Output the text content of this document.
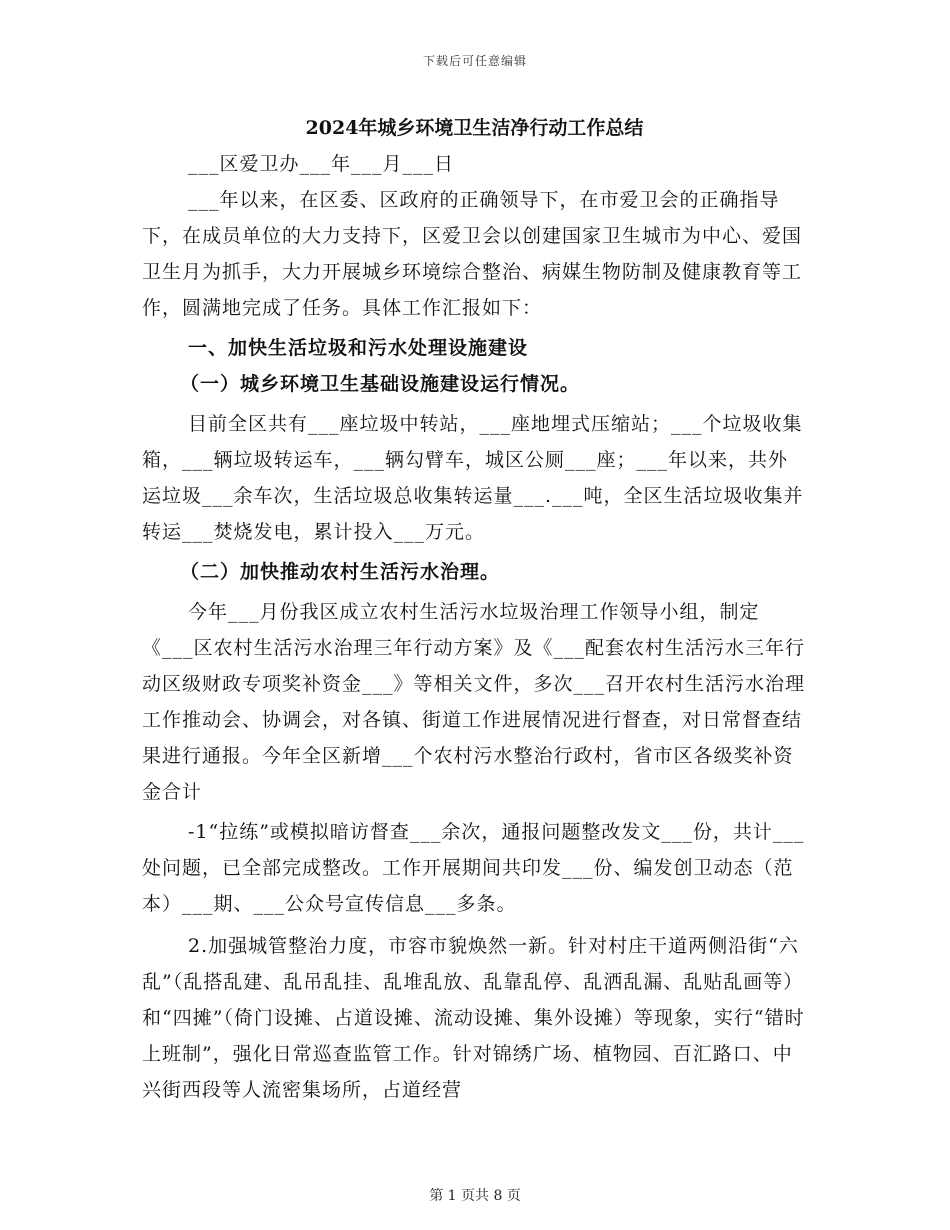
下载后可任意编辑
2024年城乡环境卫生洁净行动工作总结

___区爱卫办___年___月___日

___年以来，在区委、区政府的正确领导下，在市爱卫会的正确指导下，在成员单位的大力支持下，区爱卫会以创建国家卫生城市为中心、爱国卫生月为抓手，大力开展城乡环境综合整治、病媒生物防制及健康教育等工作，圆满地完成了任务。具体工作汇报如下：

一、加快生活垃圾和污水处理设施建设

（一）城乡环境卫生基础设施建设运行情况。

目前全区共有___座垃圾中转站，___座地埋式压缩站；___个垃圾收集箱，___辆垃圾转运车，___辆勾臂车，城区公厕___座；___年以来，共外运垃圾___余车次，生活垃圾总收集转运量___.___吨，全区生活垃圾收集并转运___焚烧发电，累计投入___万元。

（二）加快推动农村生活污水治理。

今年___月份我区成立农村生活污水垃圾治理工作领导小组，制定《___区农村生活污水治理三年行动方案》及《___配套农村生活污水三年行动区级财政专项奖补资金___》等相关文件，多次___召开农村生活污水治理工作推动会、协调会，对各镇、街道工作进展情况进行督查，对日常督查结果进行通报。今年全区新增___个农村污水整治行政村，省市区各级奖补资金合计

-1“拉练”或模拟暗访督查___余次，通报问题整改发文___份，共计___处问题，已全部完成整改。工作开展期间共印发___份、编发创卫动态（范本）___期、___公众号宣传信息___多条。

2.加强城管整治力度，市容市貌焕然一新。针对村庄干道两侧沿街“六乱”（乱搭乱建、乱吊乱挂、乱堆乱放、乱靠乱停、乱洒乱漏、乱贴乱画等）和“四摊”（倚门设摊、占道设摊、流动设摊、集外设摊）等现象，实行“错时上班制”，强化日常巡查监管工作。针对锦绣广场、植物园、百汇路口、中兴街西段等人流密集场所，占道经营

第 1 页共 8 页
